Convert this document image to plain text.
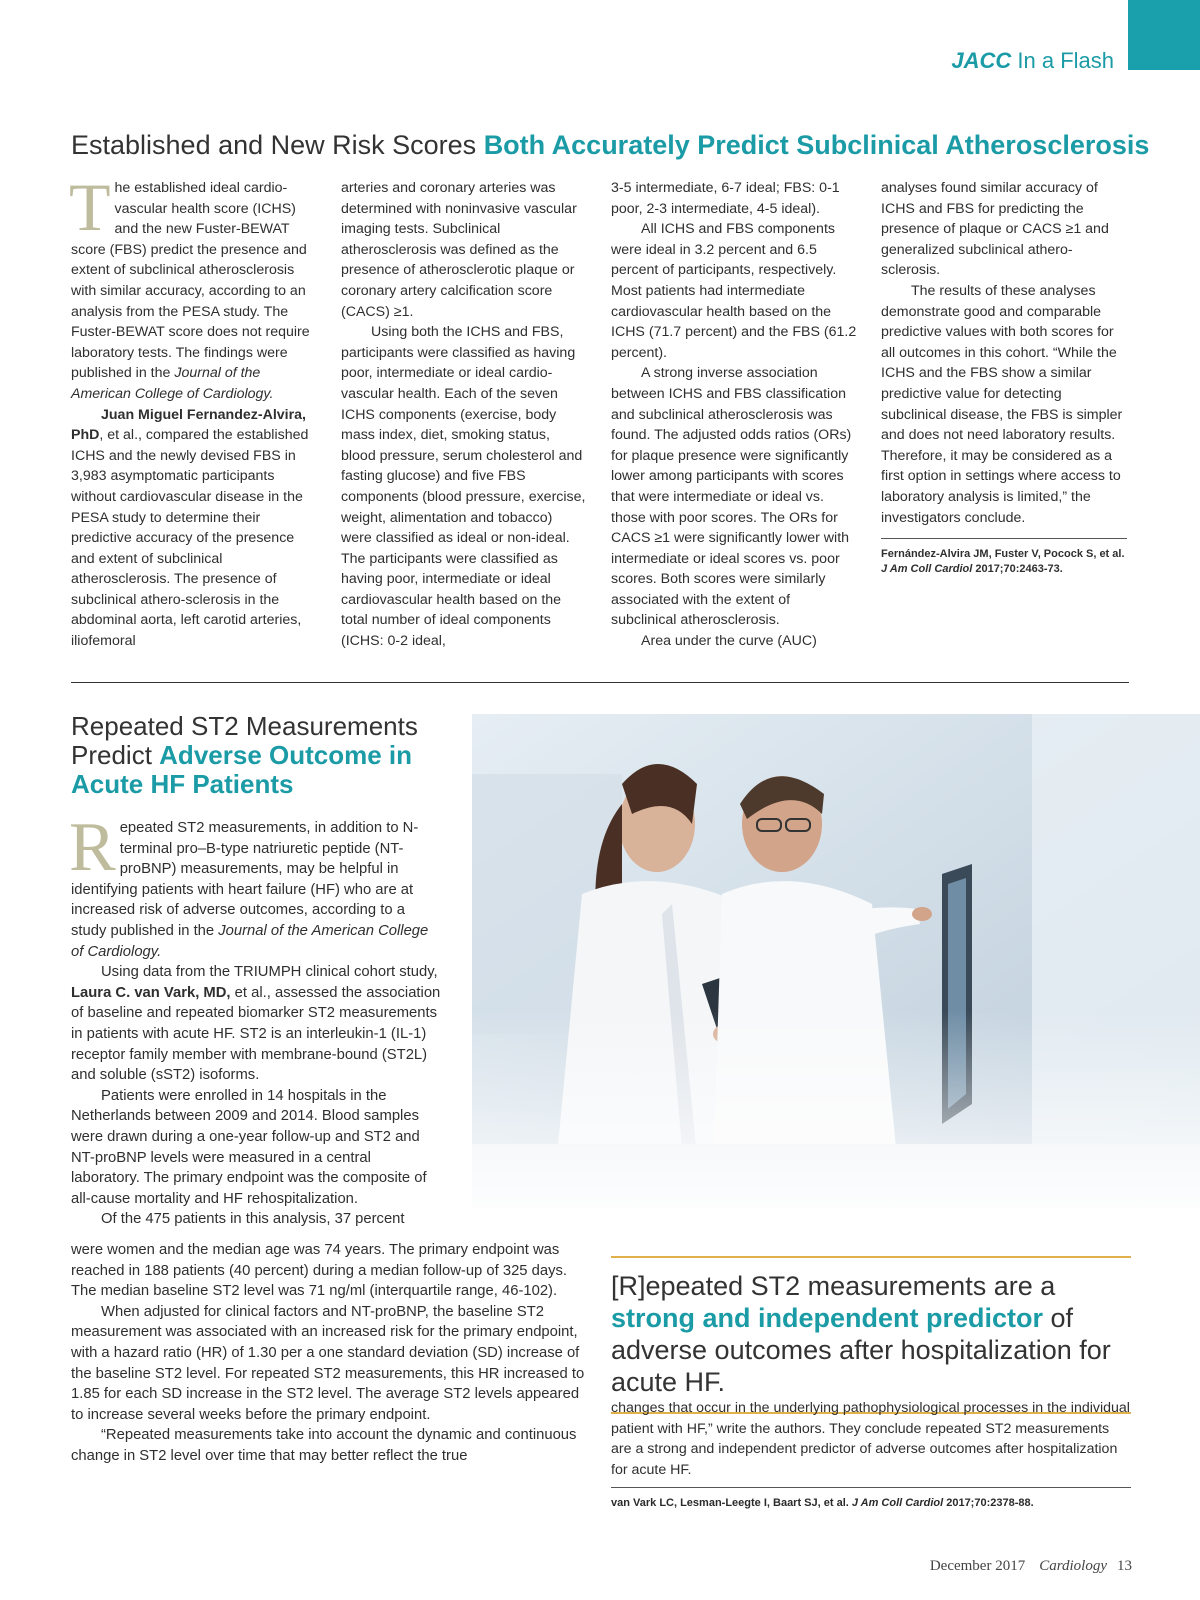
JACC In a Flash
Established and New Risk Scores Both Accurately Predict Subclinical Atherosclerosis

The established ideal cardio-vascular health score (ICHS) and the new Fuster-BEWAT score (FBS) predict the presence and extent of subclinical atherosclerosis with similar accuracy, according to an analysis from the PESA study. The Fuster-BEWAT score does not require laboratory tests. The findings were published in the Journal of the American College of Cardiology.

Juan Miguel Fernandez-Alvira, PhD, et al., compared the established ICHS and the newly devised FBS in 3,983 asymptomatic participants without cardiovascular disease in the PESA study to determine their predictive accuracy of the presence and extent of subclinical atherosclerosis. The presence of subclinical athero-sclerosis in the abdominal aorta, left carotid arteries, iliofemoral

arteries and coronary arteries was determined with noninvasive vascular imaging tests. Subclinical atherosclerosis was defined as the presence of atherosclerotic plaque or coronary artery calcification score (CACS) ≥1.

Using both the ICHS and FBS, participants were classified as having poor, intermediate or ideal cardio-vascular health. Each of the seven ICHS components (exercise, body mass index, diet, smoking status, blood pressure, serum cholesterol and fasting glucose) and five FBS components (blood pressure, exercise, weight, alimentation and tobacco) were classified as ideal or non-ideal. The participants were classified as having poor, intermediate or ideal cardiovascular health based on the total number of ideal components (ICHS: 0-2 ideal,

3-5 intermediate, 6-7 ideal; FBS: 0-1 poor, 2-3 intermediate, 4-5 ideal).

All ICHS and FBS components were ideal in 3.2 percent and 6.5 percent of participants, respectively. Most patients had intermediate cardiovascular health based on the ICHS (71.7 percent) and the FBS (61.2 percent).

A strong inverse association between ICHS and FBS classification and subclinical atherosclerosis was found. The adjusted odds ratios (ORs) for plaque presence were significantly lower among participants with scores that were intermediate or ideal vs. those with poor scores. The ORs for CACS ≥1 were significantly lower with intermediate or ideal scores vs. poor scores. Both scores were similarly associated with the extent of subclinical atherosclerosis.

Area under the curve (AUC)

analyses found similar accuracy of ICHS and FBS for predicting the presence of plaque or CACS ≥1 and generalized subclinical athero-sclerosis.

The results of these analyses demonstrate good and comparable predictive values with both scores for all outcomes in this cohort. “While the ICHS and the FBS show a similar predictive value for detecting subclinical disease, the FBS is simpler and does not need laboratory results. Therefore, it may be considered as a first option in settings where access to laboratory analysis is limited,” the investigators conclude.

Fernández-Alvira JM, Fuster V, Pocock S, et al. J Am Coll Cardiol 2017;70:2463-73.
Repeated ST2 Measurements
Predict Adverse Outcome in
Acute HF Patients

Repeated ST2 measurements, in addition to N-terminal pro–B-type natriuretic peptide (NT-proBNP) measurements, may be helpful in identifying patients with heart failure (HF) who are at increased risk of adverse outcomes, according to a study published in the Journal of the American College of Cardiology.

Using data from the TRIUMPH clinical cohort study, Laura C. van Vark, MD, et al., assessed the association of baseline and repeated biomarker ST2 measurements in patients with acute HF. ST2 is an interleukin-1 (IL-1) receptor family member with membrane-bound (ST2L) and soluble (sST2) isoforms.

Patients were enrolled in 14 hospitals in the Netherlands between 2009 and 2014. Blood samples were drawn during a one-year follow-up and ST2 and NT-proBNP levels were measured in a central laboratory. The primary endpoint was the composite of all-cause mortality and HF rehospitalization.

Of the 475 patients in this analysis, 37 percent

were women and the median age was 74 years. The primary endpoint was reached in 188 patients (40 percent) during a median follow-up of 325 days. The median baseline ST2 level was 71 ng/ml (interquartile range, 46-102).

When adjusted for clinical factors and NT-proBNP, the baseline ST2 measurement was associated with an increased risk for the primary endpoint, with a hazard ratio (HR) of 1.30 per a one standard deviation (SD) increase of the baseline ST2 level. For repeated ST2 measurements, this HR increased to 1.85 for each SD increase in the ST2 level. The average ST2 levels appeared to increase several weeks before the primary endpoint.

“Repeated measurements take into account the dynamic and continuous change in ST2 level over time that may better reflect the true

[R]epeated ST2 measurements are a strong and independent predictor of adverse outcomes after hospitalization for acute HF.

changes that occur in the underlying pathophysiological processes in the individual patient with HF,” write the authors. They conclude repeated ST2 measurements are a strong and independent predictor of adverse outcomes after hospitalization for acute HF.

van Vark LC, Lesman-Leegte I, Baart SJ, et al. J Am Coll Cardiol 2017;70:2378-88.
December 2017 Cardiology 13
